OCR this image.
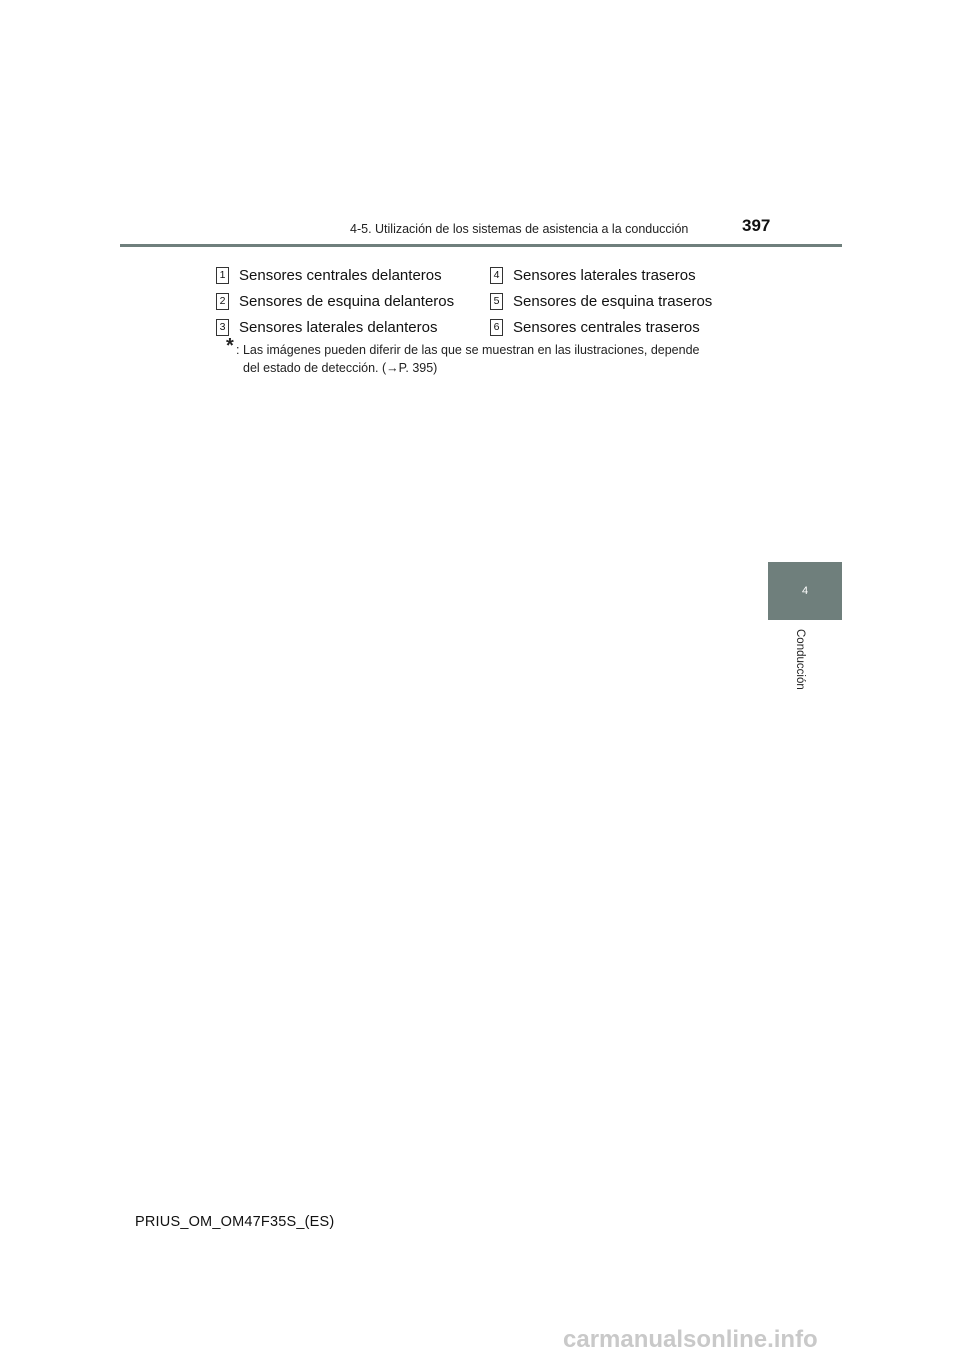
4-5. Utilización de los sistemas de asistencia a la conducción	397
1 Sensores centrales delanteros
2 Sensores de esquina delanteros
3 Sensores laterales delanteros
4 Sensores laterales traseros
5 Sensores de esquina traseros
6 Sensores centrales traseros
* : Las imágenes pueden diferir de las que se muestran en las ilustraciones, depende
del estado de detección. (→P. 395)
4
Conducción
PRIUS_OM_OM47F35S_(ES)
carmanualsonline.info
